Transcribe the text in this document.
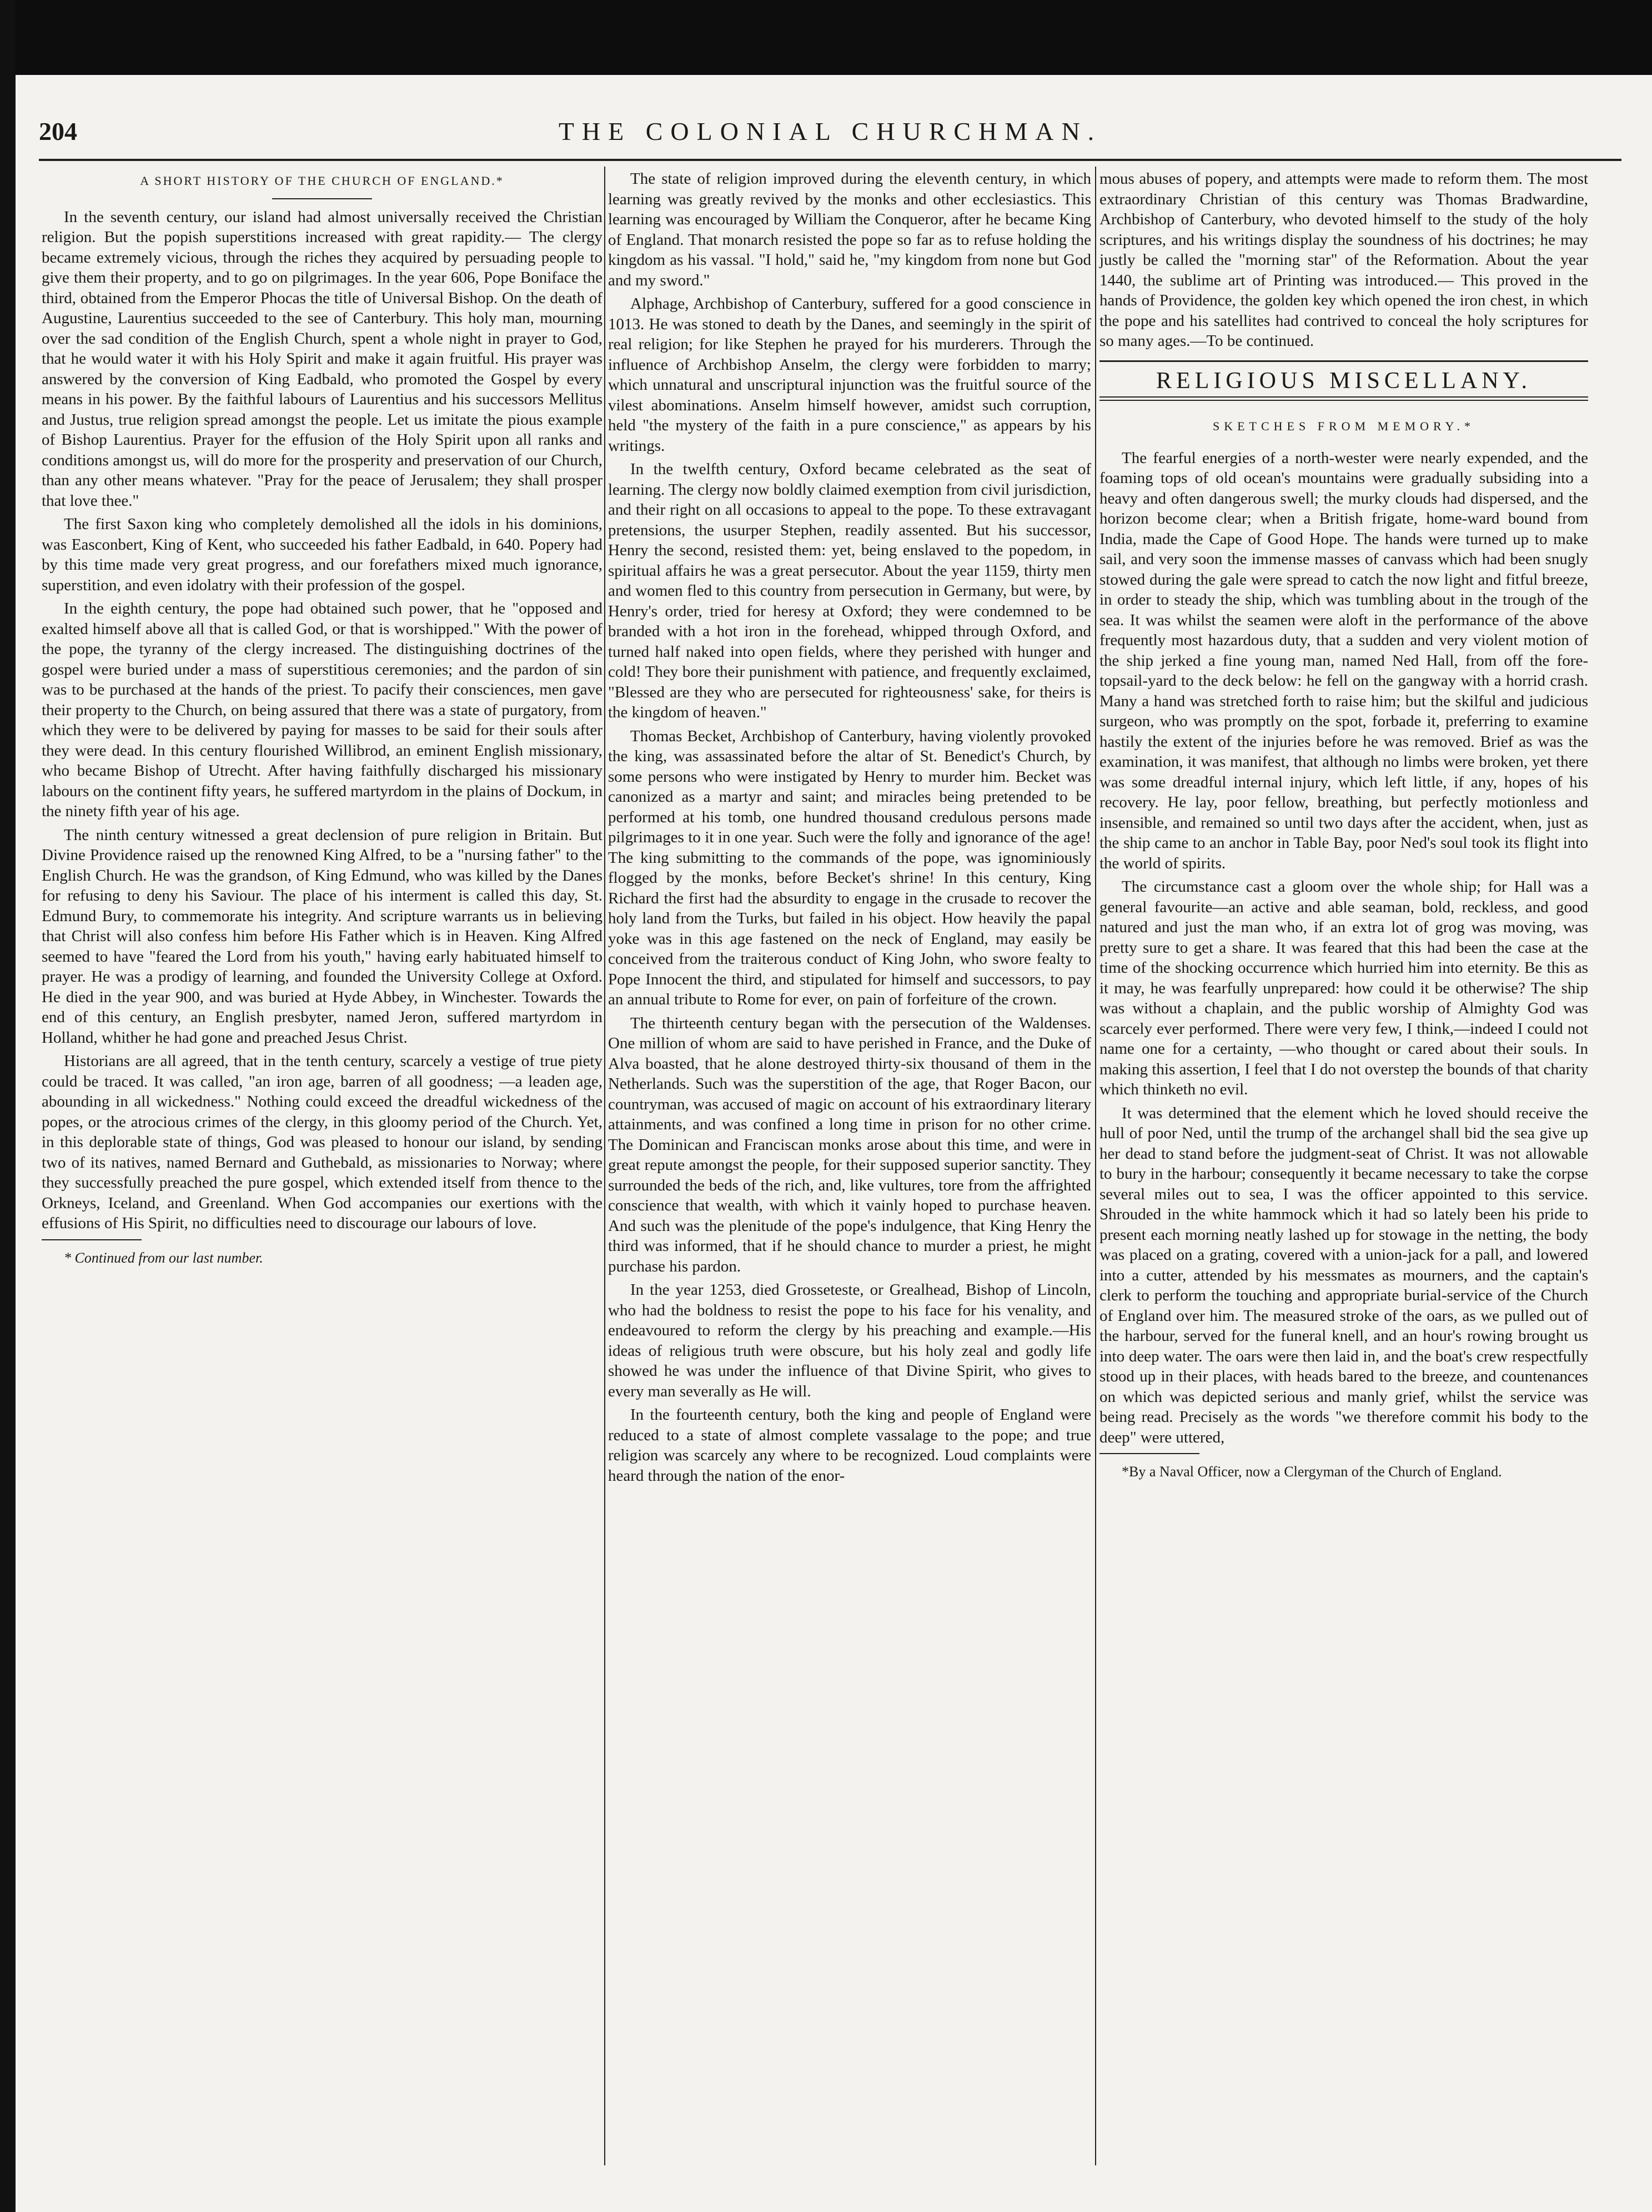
204	THE COLONIAL CHURCHMAN.
A SHORT HISTORY OF THE CHURCH OF ENGLAND.*

In the seventh century, our island had almost universally received the Christian religion. But the popish superstitions increased with great rapidity.— The clergy became extremely vicious, through the riches they acquired by persuading people to give them their property, and to go on pilgrimages. In the year 606, Pope Boniface the third, obtained from the Emperor Phocas the title of Universal Bishop. On the death of Augustine, Laurentius succeeded to the see of Canterbury. This holy man, mourning over the sad condition of the English Church, spent a whole night in prayer to God, that he would water it with his Holy Spirit and make it again fruitful. His prayer was answered by the conversion of King Eadbald, who promoted the Gospel by every means in his power. By the faithful labours of Laurentius and his successors Mellitus and Justus, true religion spread amongst the people. Let us imitate the pious example of Bishop Laurentius. Prayer for the effusion of the Holy Spirit upon all ranks and conditions amongst us, will do more for the prosperity and preservation of our Church, than any other means whatever. "Pray for the peace of Jerusalem; they shall prosper that love thee."

The first Saxon king who completely demolished all the idols in his dominions, was Easconbert, King of Kent, who succeeded his father Eadbald, in 640. Popery had by this time made very great progress, and our forefathers mixed much ignorance, superstition, and even idolatry with their profession of the gospel.

In the eighth century, the pope had obtained such power, that he "opposed and exalted himself above all that is called God, or that is worshipped." With the power of the pope, the tyranny of the clergy increased. The distinguishing doctrines of the gospel were buried under a mass of superstitious ceremonies; and the pardon of sin was to be purchased at the hands of the priest. To pacify their consciences, men gave their property to the Church, on being assured that there was a state of purgatory, from which they were to be delivered by paying for masses to be said for their souls after they were dead. In this century flourished Willibrod, an eminent English missionary, who became Bishop of Utrecht. After having faithfully discharged his missionary labours on the continent fifty years, he suffered martyrdom in the plains of Dockum, in the ninety fifth year of his age.

The ninth century witnessed a great declension of pure religion in Britain. But Divine Providence raised up the renowned King Alfred, to be a "nursing father" to the English Church. He was the grandson, of King Edmund, who was killed by the Danes for refusing to deny his Saviour. The place of his interment is called this day, St. Edmund Bury, to commemorate his integrity. And scripture warrants us in believing that Christ will also confess him before His Father which is in Heaven. King Alfred seemed to have "feared the Lord from his youth," having early habituated himself to prayer. He was a prodigy of learning, and founded the University College at Oxford. He died in the year 900, and was buried at Hyde Abbey, in Winchester. Towards the end of this century, an English presbyter, named Jeron, suffered martyrdom in Holland, whither he had gone and preached Jesus Christ.

Historians are all agreed, that in the tenth century, scarcely a vestige of true piety could be traced. It was called, "an iron age, barren of all goodness; —a leaden age, abounding in all wickedness." Nothing could exceed the dreadful wickedness of the popes, or the atrocious crimes of the clergy, in this gloomy period of the Church. Yet, in this deplorable state of things, God was pleased to honour our island, by sending two of its natives, named Bernard and Guthebald, as missionaries to Norway; where they successfully preached the pure gospel, which extended itself from thence to the Orkneys, Iceland, and Greenland. When God accompanies our exertions with the effusions of His Spirit, no difficulties need to discourage our labours of love.

* Continued from our last number.

The state of religion improved during the eleventh century, in which learning was greatly revived by the monks and other ecclesiastics. This learning was encouraged by William the Conqueror, after he became King of England. That monarch resisted the pope so far as to refuse holding the kingdom as his vassal. "I hold," said he, "my kingdom from none but God and my sword."

Alphage, Archbishop of Canterbury, suffered for a good conscience in 1013. He was stoned to death by the Danes, and seemingly in the spirit of real religion; for like Stephen he prayed for his murderers. Through the influence of Archbishop Anselm, the clergy were forbidden to marry; which unnatural and unscriptural injunction was the fruitful source of the vilest abominations. Anselm himself however, amidst such corruption, held "the mystery of the faith in a pure conscience," as appears by his writings.

In the twelfth century, Oxford became celebrated as the seat of learning. The clergy now boldly claimed exemption from civil jurisdiction, and their right on all occasions to appeal to the pope. To these extravagant pretensions, the usurper Stephen, readily assented. But his successor, Henry the second, resisted them: yet, being enslaved to the popedom, in spiritual affairs he was a great persecutor. About the year 1159, thirty men and women fled to this country from persecution in Germany, but were, by Henry's order, tried for heresy at Oxford; they were condemned to be branded with a hot iron in the forehead, whipped through Oxford, and turned half naked into open fields, where they perished with hunger and cold! They bore their punishment with patience, and frequently exclaimed, "Blessed are they who are persecuted for righteousness' sake, for theirs is the kingdom of heaven."

Thomas Becket, Archbishop of Canterbury, having violently provoked the king, was assassinated before the altar of St. Benedict's Church, by some persons who were instigated by Henry to murder him. Becket was canonized as a martyr and saint; and miracles being pretended to be performed at his tomb, one hundred thousand credulous persons made pilgrimages to it in one year. Such were the folly and ignorance of the age! The king submitting to the commands of the pope, was ignominiously flogged by the monks, before Becket's shrine! In this century, King Richard the first had the absurdity to engage in the crusade to recover the holy land from the Turks, but failed in his object. How heavily the papal yoke was in this age fastened on the neck of England, may easily be conceived from the traiterous conduct of King John, who swore fealty to Pope Innocent the third, and stipulated for himself and successors, to pay an annual tribute to Rome for ever, on pain of forfeiture of the crown.

The thirteenth century began with the persecution of the Waldenses. One million of whom are said to have perished in France, and the Duke of Alva boasted, that he alone destroyed thirty-six thousand of them in the Netherlands. Such was the superstition of the age, that Roger Bacon, our countryman, was accused of magic on account of his extraordinary literary attainments, and was confined a long time in prison for no other crime. The Dominican and Franciscan monks arose about this time, and were in great repute amongst the people, for their supposed superior sanctity. They surrounded the beds of the rich, and, like vultures, tore from the affrighted conscience that wealth, with which it vainly hoped to purchase heaven. And such was the plenitude of the pope's indulgence, that King Henry the third was informed, that if he should chance to murder a priest, he might purchase his pardon.

In the year 1253, died Grosseteste, or Grealhead, Bishop of Lincoln, who had the boldness to resist the pope to his face for his venality, and endeavoured to reform the clergy by his preaching and example.—His ideas of religious truth were obscure, but his holy zeal and godly life showed he was under the influence of that Divine Spirit, who gives to every man severally as He will.

In the fourteenth century, both the king and people of England were reduced to a state of almost complete vassalage to the pope; and true religion was scarcely any where to be recognized. Loud complaints were heard through the nation of the enor-

mous abuses of popery, and attempts were made to reform them. The most extraordinary Christian of this century was Thomas Bradwardine, Archbishop of Canterbury, who devoted himself to the study of the holy scriptures, and his writings display the soundness of his doctrines; he may justly be called the "morning star" of the Reformation. About the year 1440, the sublime art of Printing was introduced.— This proved in the hands of Providence, the golden key which opened the iron chest, in which the pope and his satellites had contrived to conceal the holy scriptures for so many ages.—To be continued.

RELIGIOUS MISCELLANY.
SKETCHES FROM MEMORY.*

The fearful energies of a north-wester were nearly expended, and the foaming tops of old ocean's mountains were gradually subsiding into a heavy and often dangerous swell; the murky clouds had dispersed, and the horizon become clear; when a British frigate, home-ward bound from India, made the Cape of Good Hope. The hands were turned up to make sail, and very soon the immense masses of canvass which had been snugly stowed during the gale were spread to catch the now light and fitful breeze, in order to steady the ship, which was tumbling about in the trough of the sea. It was whilst the seamen were aloft in the performance of the above frequently most hazardous duty, that a sudden and very violent motion of the ship jerked a fine young man, named Ned Hall, from off the fore-topsail-yard to the deck below: he fell on the gangway with a horrid crash. Many a hand was stretched forth to raise him; but the skilful and judicious surgeon, who was promptly on the spot, forbade it, preferring to examine hastily the extent of the injuries before he was removed. Brief as was the examination, it was manifest, that although no limbs were broken, yet there was some dreadful internal injury, which left little, if any, hopes of his recovery. He lay, poor fellow, breathing, but perfectly motionless and insensible, and remained so until two days after the accident, when, just as the ship came to an anchor in Table Bay, poor Ned's soul took its flight into the world of spirits.

The circumstance cast a gloom over the whole ship; for Hall was a general favourite—an active and able seaman, bold, reckless, and good natured and just the man who, if an extra lot of grog was moving, was pretty sure to get a share. It was feared that this had been the case at the time of the shocking occurrence which hurried him into eternity. Be this as it may, he was fearfully unprepared: how could it be otherwise? The ship was without a chaplain, and the public worship of Almighty God was scarcely ever performed. There were very few, I think,—indeed I could not name one for a certainty, —who thought or cared about their souls. In making this assertion, I feel that I do not overstep the bounds of that charity which thinketh no evil.

It was determined that the element which he loved should receive the hull of poor Ned, until the trump of the archangel shall bid the sea give up her dead to stand before the judgment-seat of Christ. It was not allowable to bury in the harbour; consequently it became necessary to take the corpse several miles out to sea, I was the officer appointed to this service. Shrouded in the white hammock which it had so lately been his pride to present each morning neatly lashed up for stowage in the netting, the body was placed on a grating, covered with a union-jack for a pall, and lowered into a cutter, attended by his messmates as mourners, and the captain's clerk to perform the touching and appropriate burial-service of the Church of England over him. The measured stroke of the oars, as we pulled out of the harbour, served for the funeral knell, and an hour's rowing brought us into deep water. The oars were then laid in, and the boat's crew respectfully stood up in their places, with heads bared to the breeze, and countenances on which was depicted serious and manly grief, whilst the service was being read. Precisely as the words "we therefore commit his body to the deep" were uttered,

*By a Naval Officer, now a Clergyman of the Church of England.
